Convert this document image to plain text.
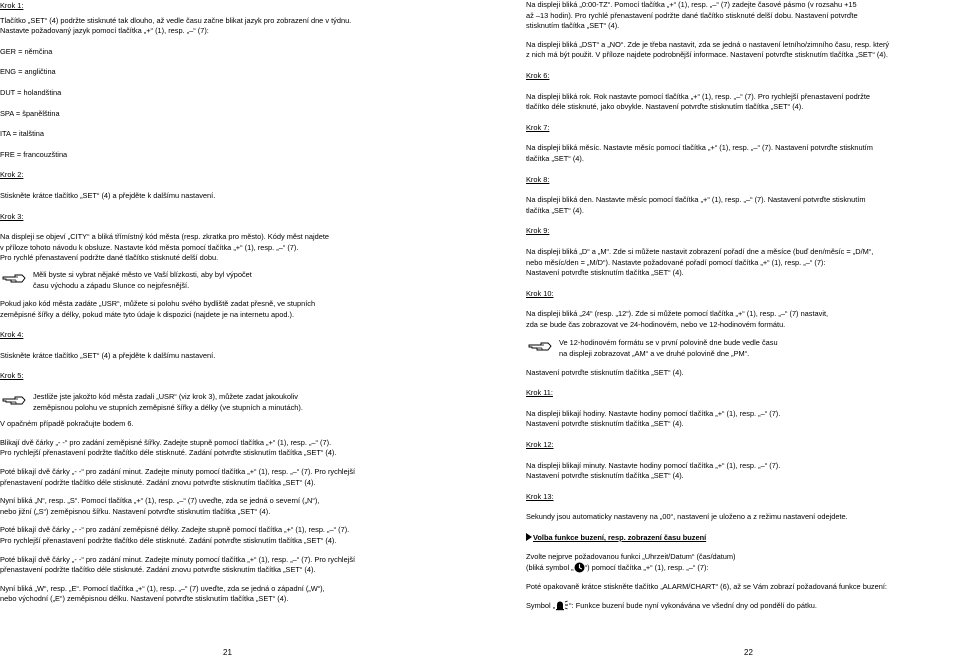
Krok 1:

Tlačítko „SET“ (4) podržte stisknuté tak dlouho, až vedle času začne blikat jazyk pro zobrazení dne v týdnu.

Nastavte požadovaný jazyk pomocí tlačítka „+“ (1), resp. „–“ (7):

GER = němčina

ENG = angličtina

DUT = holandština

SPA = španělština

ITA = italština

FRE = francouzština

Krok 2:

Stiskněte krátce tlačítko „SET“ (4) a přejděte k dalšímu nastavení.

Krok 3:

Na displeji se objeví „CITY“ a bliká třímístný kód města (resp. zkratka pro město). Kódy měst najdete

v příloze tohoto návodu k obsluze. Nastavte kód města pomocí tlačítka „+“ (1), resp. „–“ (7).

Pro rychlé přenastavení podržte dané tlačítko stisknuté delší dobu.

Měli byste si vybrat nějaké město ve Vaší blízkosti, aby byl výpočet

času východu a západu Slunce co nejpřesnější.

Pokud jako kód města zadáte „USR“, můžete si polohu svého bydliště zadat přesně, ve stupních

zeměpisné šířky a délky, pokud máte tyto údaje k dispozici (najdete je na internetu apod.).

Krok 4:

Stiskněte krátce tlačítko „SET“ (4) a přejděte k dalšímu nastavení.

Krok 5:

Jestliže jste jakožto kód města zadali „USR“ (viz krok 3), můžete zadat jakoukoliv

zeměpisnou polohu ve stupních zeměpisné šířky a délky (ve stupních a minutách).

V opačném případě pokračujte bodem 6.

Blikají dvě čárky „- -“ pro zadání zeměpisné šířky. Zadejte stupně pomocí tlačítka „+“ (1), resp. „–“ (7).

Pro rychlejší přenastavení podržte tlačítko déle stisknuté. Zadání potvrďte stisknutím tlačítka „SET“ (4).

Poté blikají dvě čárky „- -“ pro zadání minut. Zadejte minuty pomocí tlačítka „+“ (1), resp. „–“ (7). Pro rychlejší

přenastavení podržte tlačítko déle stisknuté. Zadání znovu potvrďte stisknutím tlačítka „SET“ (4).

Nyní bliká „N“, resp. „S“. Pomocí tlačítka „+“ (1), resp. „–“ (7) uveďte, zda se jedná o severní („N“),

nebo jižní („S“) zeměpisnou šířku. Nastavení potvrďte stisknutím tlačítka „SET“ (4).

Poté blikají dvě čárky „- -“ pro zadání zeměpisné délky. Zadejte stupně pomocí tlačítka „+“ (1), resp. „–“ (7).

Pro rychlejší přenastavení podržte tlačítko déle stisknuté. Zadání potvrďte stisknutím tlačítka „SET“ (4).

Poté blikají dvě čárky „- -“ pro zadání minut. Zadejte minuty pomocí tlačítka „+“ (1), resp. „–“ (7). Pro rychlejší

přenastavení podržte tlačítko déle stisknuté. Zadání znovu potvrďte stisknutím tlačítka „SET“ (4).

Nyní bliká „W“, resp. „E“. Pomocí tlačítka „+“ (1), resp. „–“ (7) uveďte, zda se jedná o západní („W“),

nebo východní („E“) zeměpisnou délku. Nastavení potvrďte stisknutím tlačítka „SET“ (4).

21

Na displeji bliká „0:00-TZ“. Pomocí tlačítka „+“ (1), resp. „–“ (7) zadejte časové pásmo (v rozsahu +15

až –13 hodin). Pro rychlé přenastavení podržte dané tlačítko stisknuté delší dobu. Nastavení potvrďte

stisknutím tlačítka „SET“ (4).

Na displeji bliká „DST“ a „NO“. Zde je třeba nastavit, zda se jedná o nastavení letního/zimního času, resp. který

z nich má být použit. V příloze najdete podrobnější informace. Nastavení potvrďte stisknutím tlačítka „SET“ (4).

Krok 6:

Na displeji bliká rok. Rok nastavte pomocí tlačítka „+“ (1), resp. „–“ (7). Pro rychlejší přenastavení podržte

tlačítko déle stisknuté, jako obvykle. Nastavení potvrďte stisknutím tlačítka „SET“ (4).

Krok 7:

Na displeji bliká měsíc. Nastavte měsíc pomocí tlačítka „+“ (1), resp. „–“ (7). Nastavení potvrďte stisknutím

tlačítka „SET“ (4).

Krok 8:

Na displeji bliká den. Nastavte měsíc pomocí tlačítka „+“ (1), resp. „–“ (7). Nastavení potvrďte stisknutím

tlačítka „SET“ (4).

Krok 9:

Na displeji bliká „D“ a „M“. Zde si můžete nastavit zobrazení pořadí dne a měsíce (buď den/měsíc = „D/M“,

nebo měsíc/den = „M/D“). Nastavte požadované pořadí pomocí tlačítka „+“ (1), resp. „–“ (7):

Nastavení potvrďte stisknutím tlačítka „SET“ (4).

Krok 10:

Na displeji bliká „24“ (resp. „12“). Zde si můžete pomocí tlačítka „+“ (1), resp. „–“ (7) nastavit,

zda se bude čas zobrazovat ve 24-hodinovém, nebo ve 12-hodinovém formátu.

Ve 12-hodinovém formátu se v první polovině dne bude vedle času

na displeji zobrazovat „AM“ a ve druhé polovině dne „PM“.

Nastavení potvrďte stisknutím tlačítka „SET“ (4).

Krok 11:

Na displeji blikají hodiny. Nastavte hodiny pomocí tlačítka „+“ (1), resp. „–“ (7).

Nastavení potvrďte stisknutím tlačítka „SET“ (4).

Krok 12:

Na displeji blikají minuty. Nastavte hodiny pomocí tlačítka „+“ (1), resp. „–“ (7).

Nastavení potvrďte stisknutím tlačítka „SET“ (4).

Krok 13:

Sekundy jsou automaticky nastaveny na „00“, nastavení je uloženo a z režimu nastavení odejdete.

Volba funkce buzení, resp. zobrazení času buzení

Zvolte nejprve požadovanou funkci „Uhrzeit/Datum“ (čas/datum)

(bliká symbol „ “) pomocí tlačítka „+“ (1), resp. „–“ (7):

Poté opakovaně krátce stiskněte tlačítko „ALARM/CHART“ (6), až se Vám zobrazí požadovaná funkce buzení:

Symbol „ “: Funkce buzení bude nyní vykonávána ve všední dny od pondělí do pátku.

22
